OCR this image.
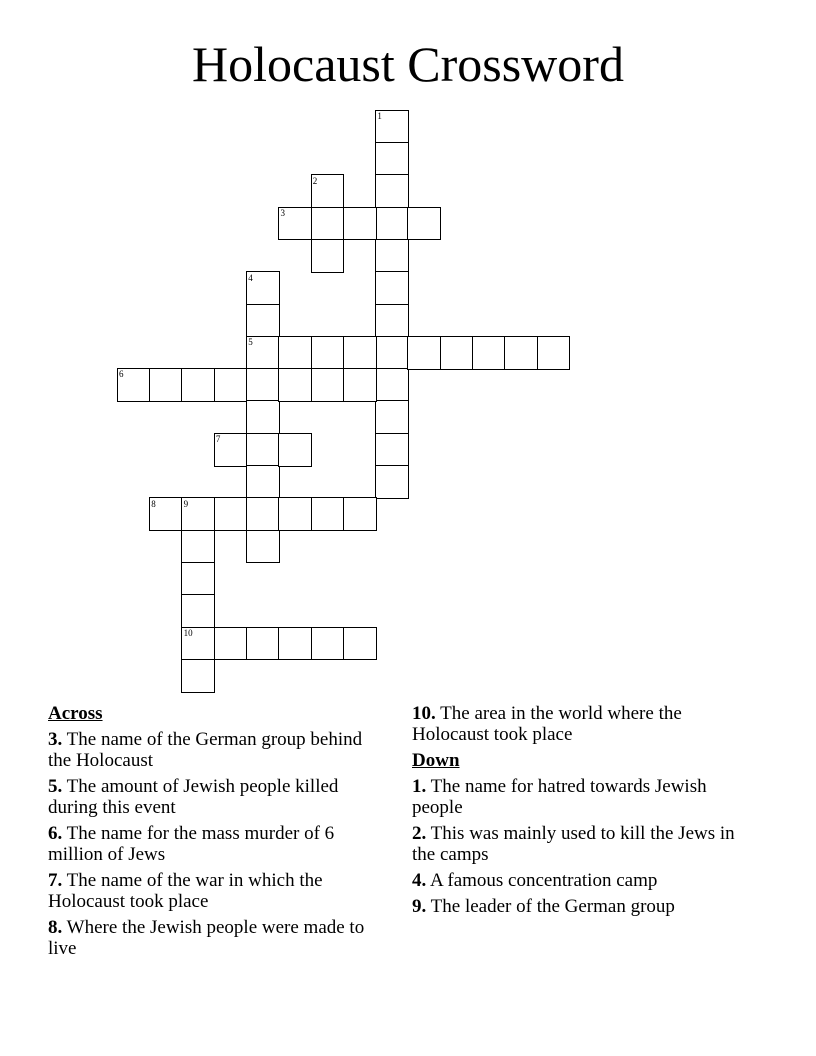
Holocaust Crossword
1
2
3
4
5
6
7
8	9
10
Across
3. The name of the German group behind the Holocaust
5. The amount of Jewish people killed during this event
6. The name for the mass murder of 6 million of Jews
7. The name of the war in which the Holocaust took place
8. Where the Jewish people were made to live
10. The area in the world where the Holocaust took place
Down
1. The name for hatred towards Jewish people
2. This was mainly used to kill the Jews in the camps
4. A famous concentration camp
9. The leader of the German group
